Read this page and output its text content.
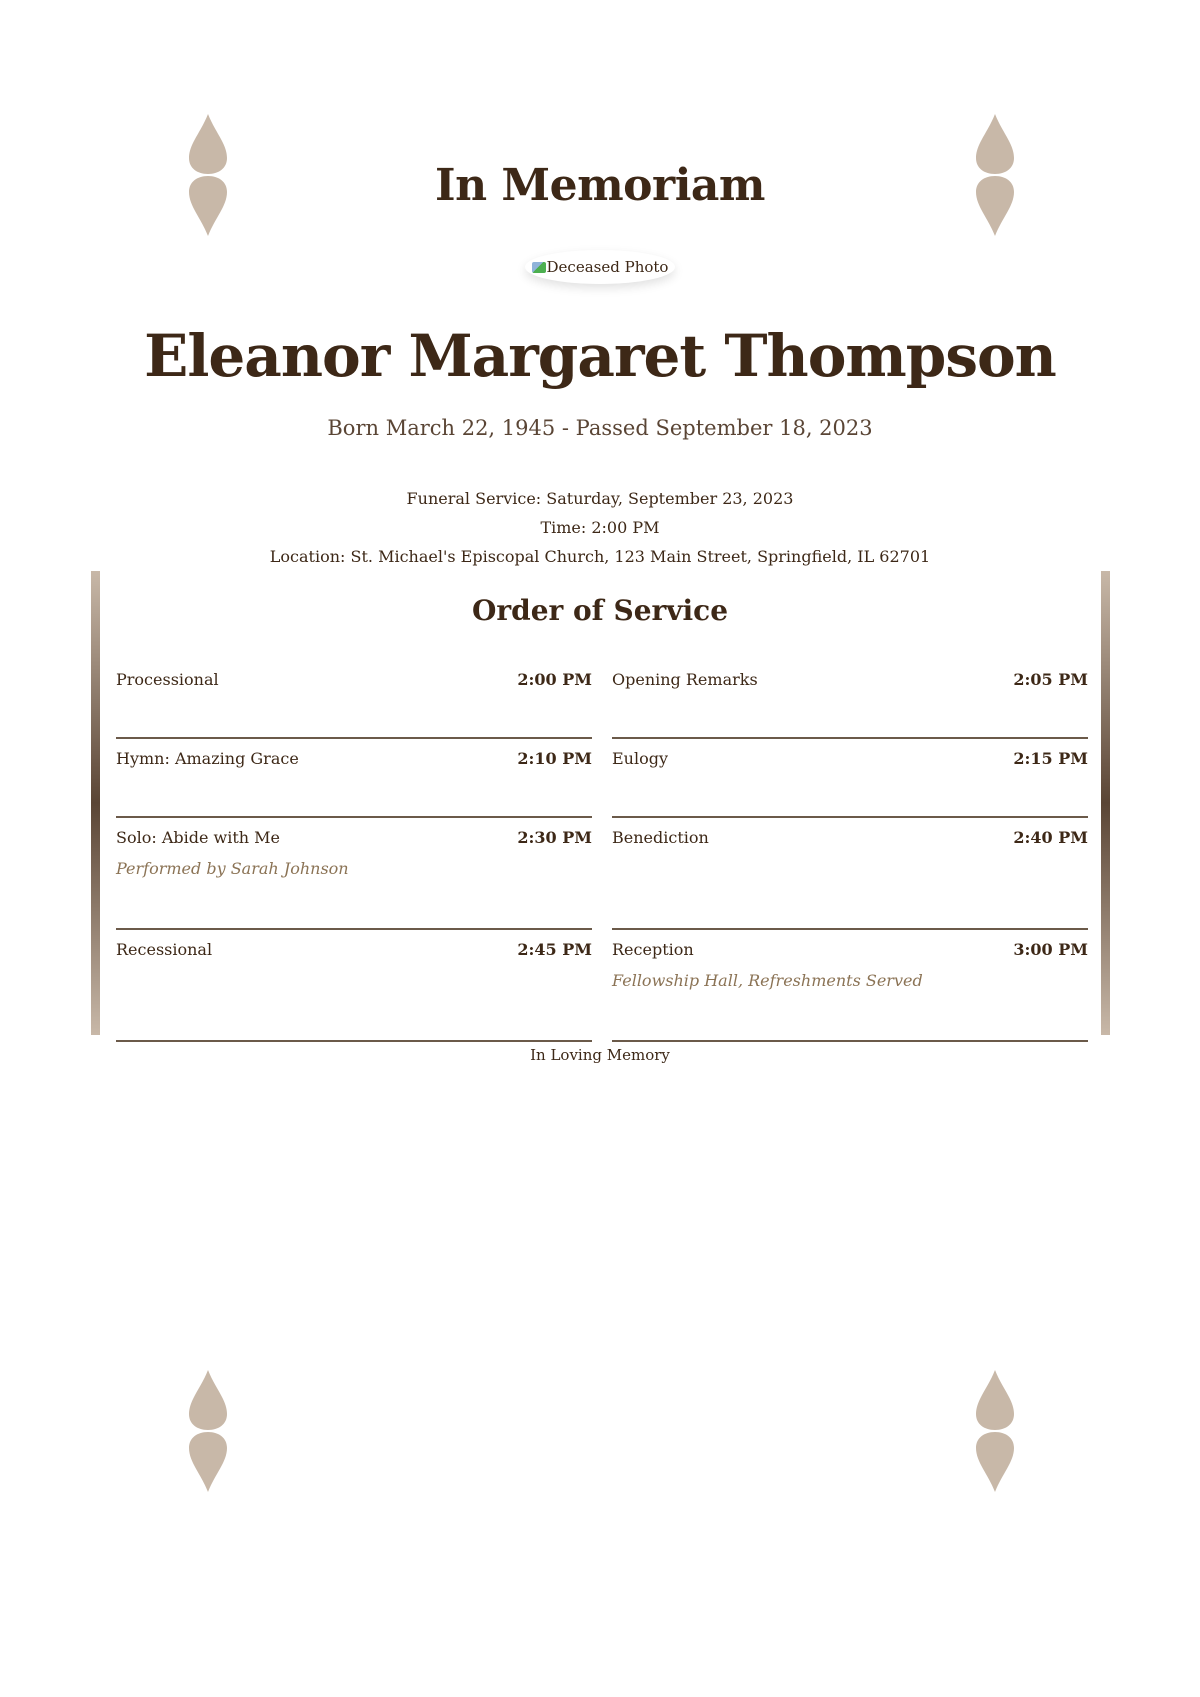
In Memoriam
Deceased Photo
Eleanor Margaret Thompson
Born March 22, 1945 - Passed September 18, 2023
Funeral Service: Saturday, September 23, 2023
Time: 2:00 PM
Location: St. Michael's Episcopal Church, 123 Main Street, Springfield, IL 62701
Order of Service
Processional	2:00 PM Opening Remarks	2:05 PM
Hymn: Amazing Grace	2:10 PM Eulogy	2:15 PM
Solo: Abide with Me	2:30 PM
Performed by Sarah Johnson
Benediction	2:40 PM
Recessional	2:45 PM Reception	3:00 PM
Fellowship Hall, Refreshments Served
In Loving Memory
